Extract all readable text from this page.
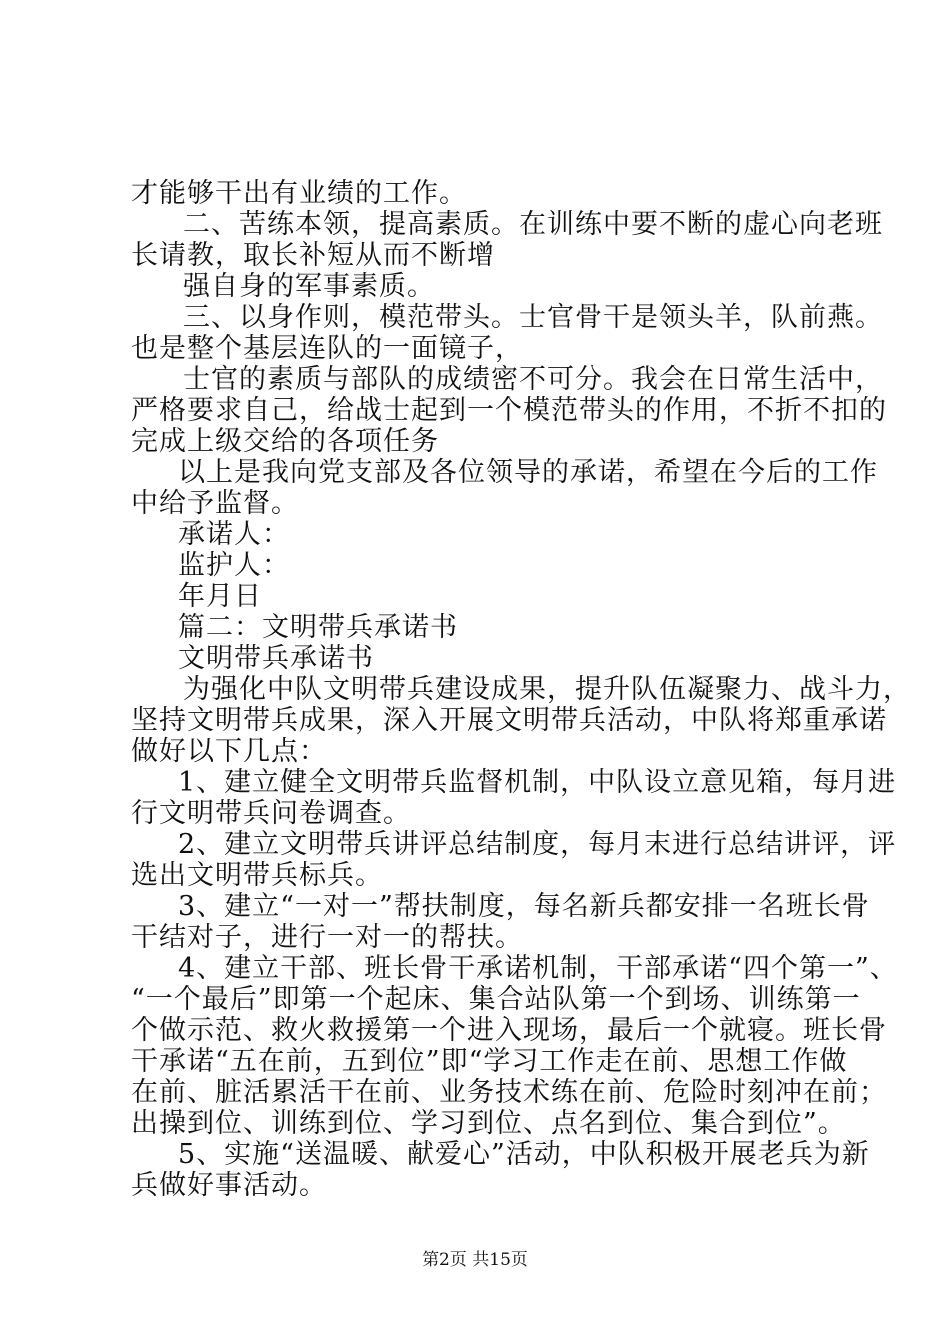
才能够干出有业绩的工作。
二、苦练本领，提高素质。在训练中要不断的虚心向老班
长请教，取长补短从而不断增
强自身的军事素质。
三、以身作则，模范带头。士官骨干是领头羊，队前燕。
也是整个基层连队的一面镜子，
士官的素质与部队的成绩密不可分。我会在日常生活中，
严格要求自己，给战士起到一个模范带头的作用，不折不扣的
完成上级交给的各项任务
以上是我向党支部及各位领导的承诺，希望在今后的工作
中给予监督。
承诺人：
监护人：
年月日
篇二：文明带兵承诺书
文明带兵承诺书
为强化中队文明带兵建设成果，提升队伍凝聚力、战斗力，
坚持文明带兵成果，深入开展文明带兵活动，中队将郑重承诺
做好以下几点：
1、建立健全文明带兵监督机制，中队设立意见箱，每月进
行文明带兵问卷调查。
2、建立文明带兵讲评总结制度，每月末进行总结讲评，评
选出文明带兵标兵。
3、建立“一对一”帮扶制度，每名新兵都安排一名班长骨
干结对子，进行一对一的帮扶。
4、建立干部、班长骨干承诺机制，干部承诺“四个第一”、
“一个最后”即第一个起床、集合站队第一个到场、训练第一
个做示范、救火救援第一个进入现场，最后一个就寝。班长骨
干承诺“五在前，五到位”即“学习工作走在前、思想工作做
在前、脏活累活干在前、业务技术练在前、危险时刻冲在前；
出操到位、训练到位、学习到位、点名到位、集合到位”。
5、实施“送温暖、献爱心”活动，中队积极开展老兵为新
兵做好事活动。
第2页 共15页
